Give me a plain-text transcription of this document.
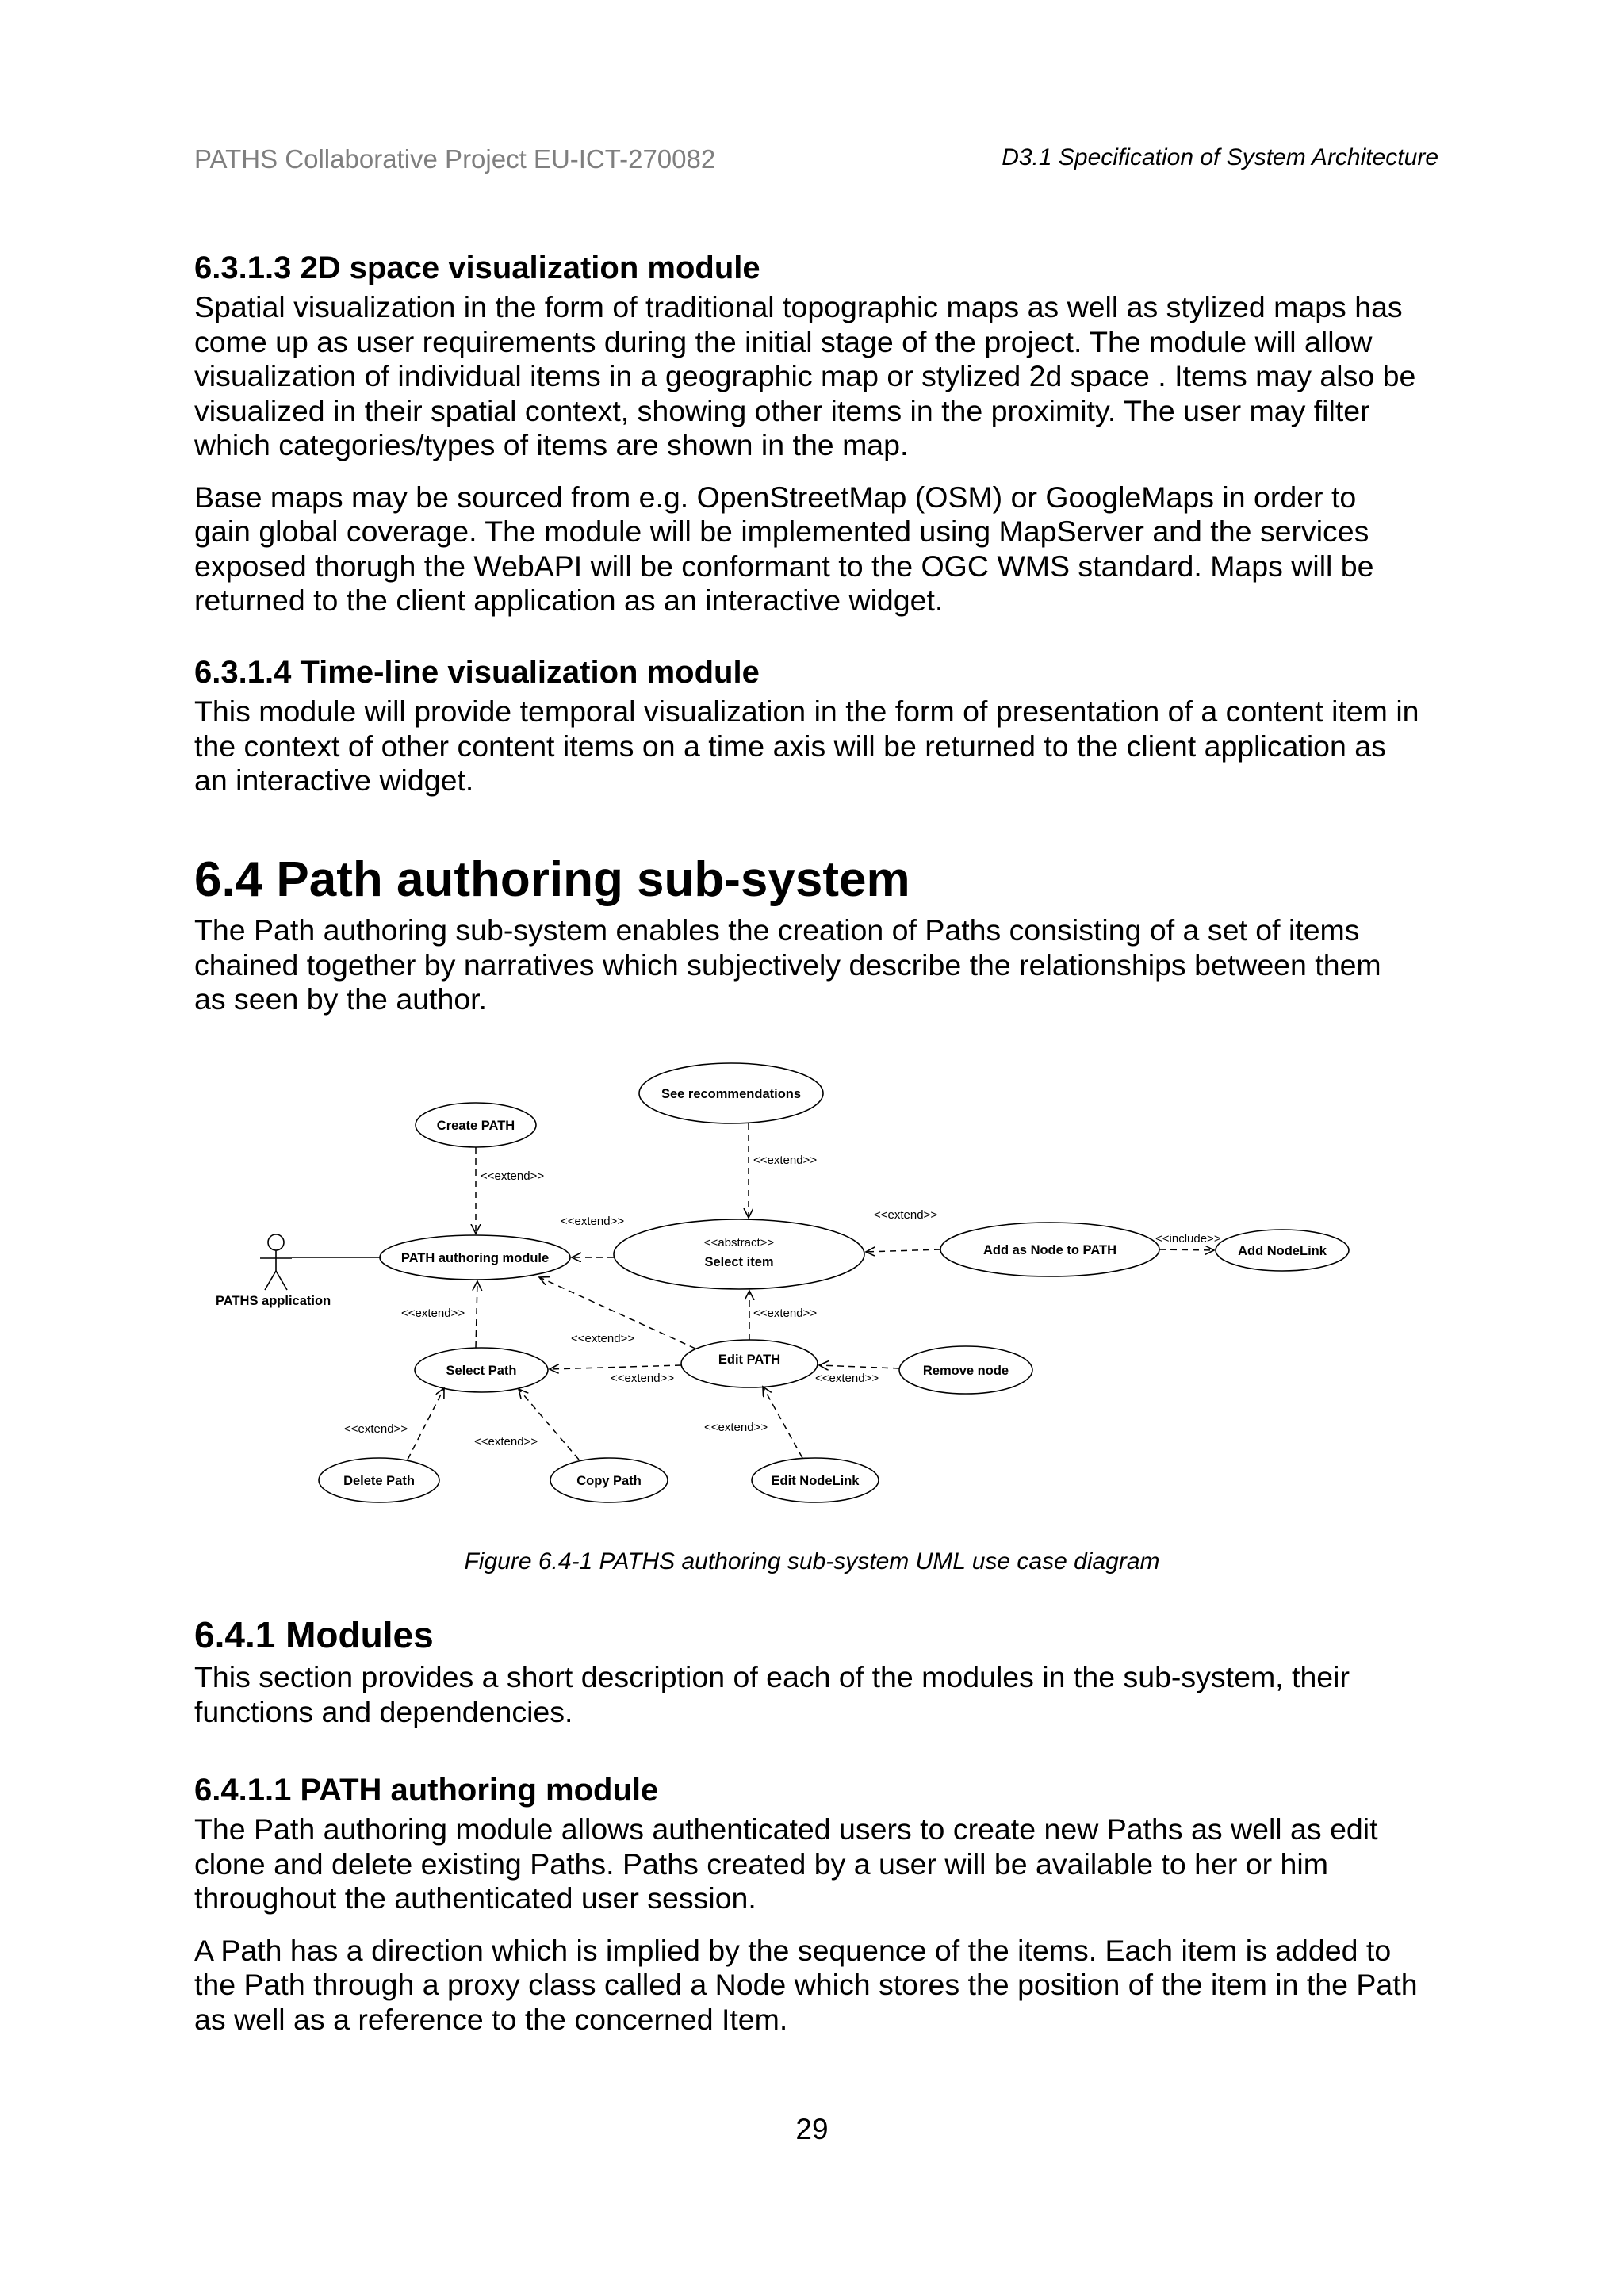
PATHS Collaborative Project EU-ICT-270082	D3.1 Specification of System Architecture
6.3.1.3 2D space visualization module

Spatial visualization in the form of traditional topographic maps as well as stylized maps has
come up as user requirements during the initial stage of the project. The module will allow
visualization of individual items in a geographic map or stylized 2d space . Items may also be
visualized in their spatial context, showing other items in the proximity. The user may filter
which categories/types of items are shown in the map.

Base maps may be sourced from e.g. OpenStreetMap (OSM) or GoogleMaps in order to
gain global coverage. The module will be implemented using MapServer and the services
exposed thorugh the WebAPI will be conformant to the OGC WMS standard. Maps will be
returned to the client application as an interactive widget.

6.3.1.4 Time-line visualization module

This module will provide temporal visualization in the form of presentation of a content item in
the context of other content items on a time axis will be returned to the client application as
an interactive widget.

6.4 Path authoring sub-system

The Path authoring sub-system enables the creation of Paths consisting of a set of items
chained together by narratives which subjectively describe the relationships between them
as seen by the author.

See recommendations
Create PATH
PATH authoring module
<<abstract>>
Select item
Add as Node to PATH	Add NodeLink
Select Path
Edit PATH
Remove node
Delete Path	Copy Path	Edit NodeLink
PATHS application
<<extend>>
<<extend>>
<<extend>>	<<extend>>
<<include>>
<<extend>>	<<extend>>
<<extend>>
<<extend>>	<<extend>>
<<extend>>
<<extend>>
<<extend>>
Figure 6.4-1 PATHS authoring sub-system UML use case diagram
6.4.1 Modules

This section provides a short description of each of the modules in the sub-system, their
functions and dependencies.

6.4.1.1 PATH authoring module

The Path authoring module allows authenticated users to create new Paths as well as edit
clone and delete existing Paths. Paths created by a user will be available to her or him
throughout the authenticated user session.

A Path has a direction which is implied by the sequence of the items. Each item is added to
the Path through a proxy class called a Node which stores the position of the item in the Path
as well as a reference to the concerned Item.

29
